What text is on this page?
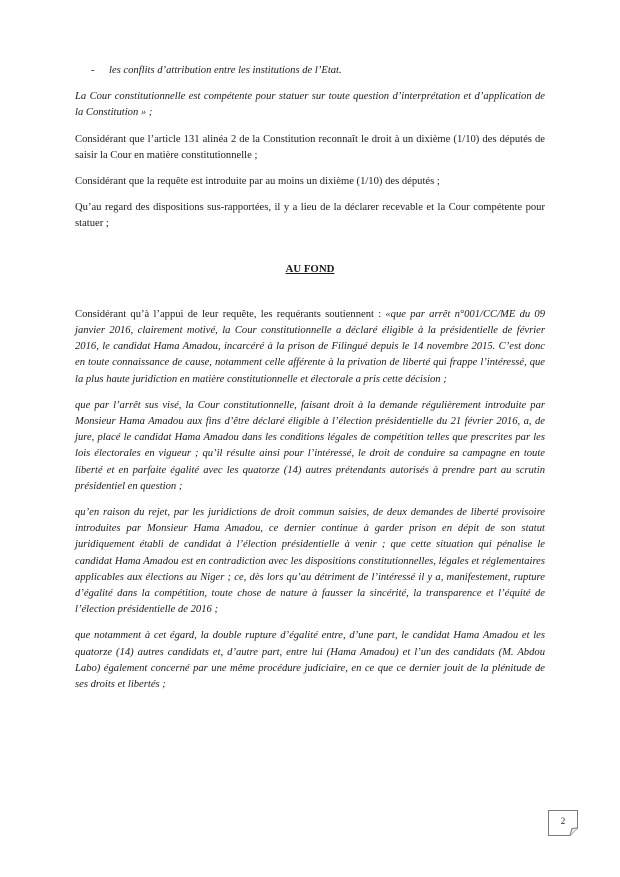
-	les conflits d’attribution entre les institutions de l’Etat.

La Cour constitutionnelle est compétente pour statuer sur toute question d’interprétation et d’application de la Constitution » ;

Considérant que l’article 131 alinéa 2 de la Constitution reconnaît le droit à un dixième (1/10) des députés de saisir la Cour en matière constitutionnelle ;

Considérant que la requête est introduite par au moins un dixième (1/10) des députés ;

Qu’au regard des dispositions sus-rapportées, il y a lieu de la déclarer recevable et la Cour compétente pour statuer ;

AU FOND

Considérant qu’à l’appui de leur requête, les requérants soutiennent : «que par arrêt n°001/CC/ME du 09 janvier 2016, clairement motivé, la Cour constitutionnelle a déclaré éligible à la présidentielle de février 2016, le candidat Hama Amadou, incarcéré à la prison de Filingué depuis le 14 novembre 2015. C’est donc en toute connaissance de cause, notamment celle afférente à la privation de liberté qui frappe l’intéressé, que la plus haute juridiction en matière constitutionnelle et électorale a pris cette décision ;

que par l’arrêt sus visé, la Cour constitutionnelle, faisant droit à la demande régulièrement introduite par Monsieur Hama Amadou aux fins d’être déclaré éligible à l’élection présidentielle du 21 février 2016, a, de jure, placé le candidat Hama Amadou dans les conditions légales de compétition telles que prescrites par les lois électorales en vigueur ; qu’il résulte ainsi pour l’intéressé, le droit de conduire sa campagne en toute liberté et en parfaite égalité avec les quatorze (14) autres prétendants autorisés à prendre part au scrutin présidentiel en question ;

qu’en raison du rejet, par les juridictions de droit commun saisies, de deux demandes de liberté provisoire introduites par Monsieur Hama Amadou, ce dernier continue à garder prison en dépit de son statut juridiquement établi de candidat à l’élection présidentielle à venir ; que cette situation qui pénalise le candidat Hama Amadou est en contradiction avec les dispositions constitutionnelles, légales et réglementaires applicables aux élections au Niger ; ce, dès lors qu’au détriment de l’intéressé il y a, manifestement, rupture d’égalité dans la compétition, toute chose de nature à fausser la sincérité, la transparence et l’équité de l’élection présidentielle de 2016 ;

que notamment à cet égard, la double rupture d’égalité entre, d’une part, le candidat Hama Amadou et les quatorze (14) autres candidats et, d’autre part, entre lui (Hama Amadou) et l’un des candidats (M. Abdou Labo) également concerné par une même procédure judiciaire, en ce que ce dernier jouit de la plénitude de ses droits et libertés ;

2
